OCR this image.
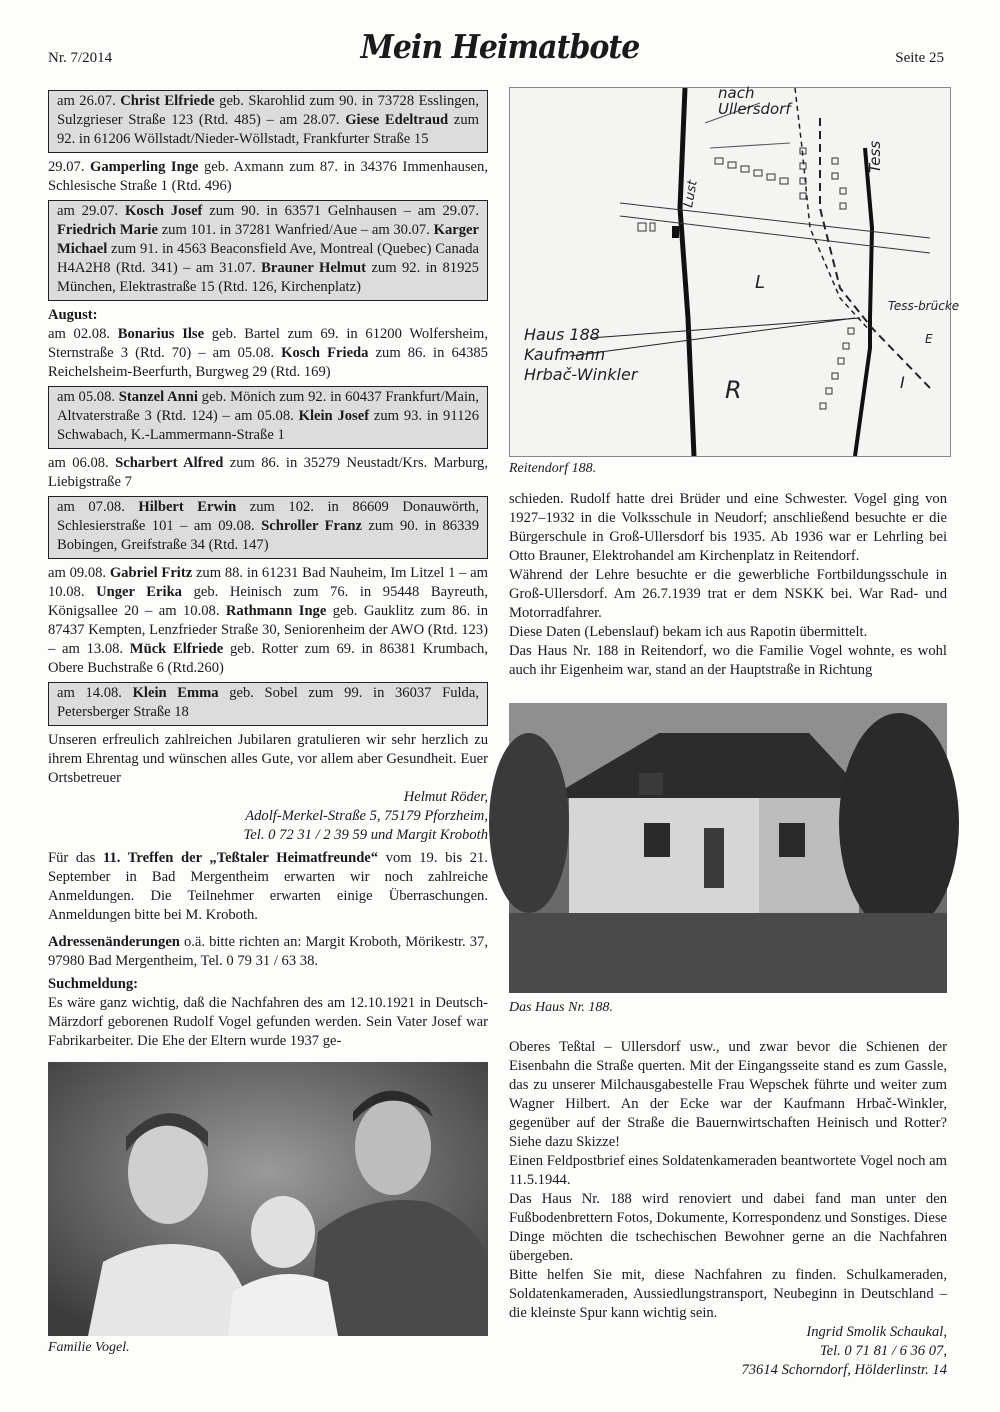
Nr. 7/2014	Mein Heimatbote	Seite 25
am 26.07. Christ Elfriede geb. Skarohlid zum 90. in 73728 Esslingen, Sulzgrieser Straße 123 (Rtd. 485) – am 28.07. Giese Edeltraud zum 92. in 61206 Wöllstadt/Nieder-Wöllstadt, Frankfurter Straße 15

29.07. Gamperling Inge geb. Axmann zum 87. in 34376 Immenhausen, Schlesische Straße 1 (Rtd. 496)

am 29.07. Kosch Josef zum 90. in 63571 Gelnhausen – am 29.07. Friedrich Marie zum 101. in 37281 Wanfried/Aue – am 30.07. Karger Michael zum 91. in 4563 Beaconsfield Ave, Montreal (Quebec) Canada H4A2H8 (Rtd. 341) – am 31.07. Brauner Helmut zum 92. in 81925 München, Elektrastraße 15 (Rtd. 126, Kirchenplatz)

August:

am 02.08. Bonarius Ilse geb. Bartel zum 69. in 61200 Wolfersheim, Sternstraße 3 (Rtd. 70) – am 05.08. Kosch Frieda zum 86. in 64385 Reichelsheim-Beerfurth, Burgweg 29 (Rtd. 169)

am 05.08. Stanzel Anni geb. Mönich zum 92. in 60437 Frankfurt/Main, Altvaterstraße 3 (Rtd. 124) – am 05.08. Klein Josef zum 93. in 91126 Schwabach, K.-Lammermann-Straße 1

am 06.08. Scharbert Alfred zum 86. in 35279 Neustadt/Krs. Marburg, Liebigstraße 7

am 07.08. Hilbert Erwin zum 102. in 86609 Donauwörth, Schlesierstraße 101 – am 09.08. Schroller Franz zum 90. in 86339 Bobingen, Greifstraße 34 (Rtd. 147)

am 09.08. Gabriel Fritz zum 88. in 61231 Bad Nauheim, Im Litzel 1 – am 10.08. Unger Erika geb. Heinisch zum 76. in 95448 Bayreuth, Königsallee 20 – am 10.08. Rathmann Inge geb. Gauklitz zum 86. in 87437 Kempten, Lenzfrieder Straße 30, Seniorenheim der AWO (Rtd. 123) – am 13.08. Mück Elfriede geb. Rotter zum 69. in 86381 Krumbach, Obere Buchstraße 6 (Rtd.260)

am 14.08. Klein Emma geb. Sobel zum 99. in 36037 Fulda, Petersberger Straße 18

Unseren erfreulich zahlreichen Jubilaren gratulieren wir sehr herzlich zu ihrem Ehrentag und wünschen alles Gute, vor allem aber Gesundheit. Euer Ortsbetreuer

Helmut Röder,

Adolf-Merkel-Straße 5, 75179 Pforzheim,

Tel. 0 72 31 / 2 39 59 und Margit Kroboth

Für das 11. Treffen der „Teßtaler Heimatfreunde“ vom 19. bis 21. September in Bad Mergentheim erwarten wir noch zahlreiche Anmeldungen. Die Teilnehmer erwarten einige Überraschungen. Anmeldungen bitte bei M. Kroboth.

Adressenänderungen o.ä. bitte richten an: Margit Kroboth, Mörikestr. 37, 97980 Bad Mergentheim, Tel. 0 79 31 / 63 38.

Suchmeldung:

Es wäre ganz wichtig, daß die Nachfahren des am 12.10.1921 in Deutsch-Märzdorf geborenen Rudolf Vogel gefunden werden. Sein Vater Josef war Fabrikarbeiter. Die Ehe der Eltern wurde 1937 ge-

Familie Vogel.
nach
Ullersdorf
Tess
Lust
Tess-brücke
Haus 188
Kaufmann
Hrbač-Winkler
R
L
E
I
Reitendorf 188.
Das Haus Nr. 188.

schieden. Rudolf hatte drei Brüder und eine Schwester. Vogel ging von 1927–1932 in die Volksschule in Neudorf; anschließend besuchte er die Bürgerschule in Groß-Ullersdorf bis 1935. Ab 1936 war er Lehrling bei Otto Brauner, Elektrohandel am Kirchenplatz in Reitendorf.

Während der Lehre besuchte er die gewerbliche Fortbildungsschule in Groß-Ullersdorf. Am 26.7.1939 trat er dem NSKK bei. War Rad- und Motorradfahrer.

Diese Daten (Lebenslauf) bekam ich aus Rapotin übermittelt.

Das Haus Nr. 188 in Reitendorf, wo die Familie Vogel wohnte, es wohl auch ihr Eigenheim war, stand an der Hauptstraße in Richtung

Oberes Teßtal – Ullersdorf usw., und zwar bevor die Schienen der Eisenbahn die Straße querten. Mit der Eingangsseite stand es zum Gassle, das zu unserer Milchausgabestelle Frau Wepschek führte und weiter zum Wagner Hilbert. An der Ecke war der Kaufmann Hrbač-Winkler, gegenüber auf der Straße die Bauernwirtschaften Heinisch und Rotter? Siehe dazu Skizze!

Einen Feldpostbrief eines Soldatenkameraden beantwortete Vogel noch am 11.5.1944.

Das Haus Nr. 188 wird renoviert und dabei fand man unter den Fußbodenbrettern Fotos, Dokumente, Korrespondenz und Sonstiges. Diese Dinge möchten die tschechischen Bewohner gerne an die Nachfahren übergeben.

Bitte helfen Sie mit, diese Nachfahren zu finden. Schulkameraden, Soldatenkameraden, Aussiedlungstransport, Neubeginn in Deutschland – die kleinste Spur kann wichtig sein.

Ingrid Smolik Schaukal,

Tel. 0 71 81 / 6 36 07,

73614 Schorndorf, Hölderlinstr. 14
